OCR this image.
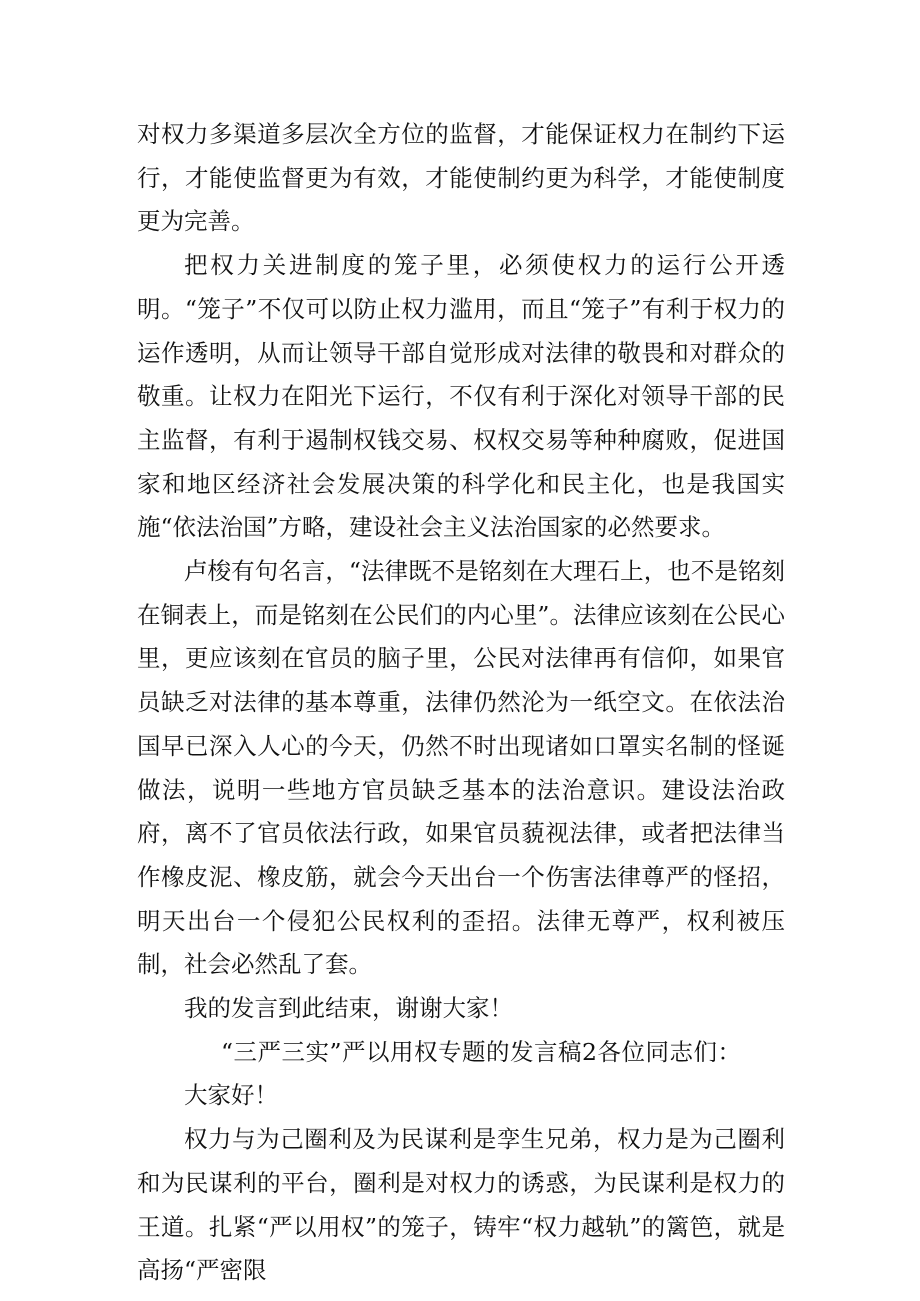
对权力多渠道多层次全方位的监督，才能保证权力在制约下运行，才能使监督更为有效，才能使制约更为科学，才能使制度更为完善。

把权力关进制度的笼子里，必须使权力的运行公开透明。“笼子”不仅可以防止权力滥用，而且“笼子”有利于权力的运作透明，从而让领导干部自觉形成对法律的敬畏和对群众的敬重。让权力在阳光下运行，不仅有利于深化对领导干部的民主监督，有利于遏制权钱交易、权权交易等种种腐败，促进国家和地区经济社会发展决策的科学化和民主化，也是我国实施“依法治国”方略，建设社会主义法治国家的必然要求。

卢梭有句名言，“法律既不是铭刻在大理石上，也不是铭刻在铜表上，而是铭刻在公民们的内心里”。法律应该刻在公民心里，更应该刻在官员的脑子里，公民对法律再有信仰，如果官员缺乏对法律的基本尊重，法律仍然沦为一纸空文。在依法治国早已深入人心的今天，仍然不时出现诸如口罩实名制的怪诞做法，说明一些地方官员缺乏基本的法治意识。建设法治政府，离不了官员依法行政，如果官员藐视法律，或者把法律当作橡皮泥、橡皮筋，就会今天出台一个伤害法律尊严的怪招，明天出台一个侵犯公民权利的歪招。法律无尊严，权利被压制，社会必然乱了套。

我的发言到此结束，谢谢大家！

“三严三实”严以用权专题的发言稿2各位同志们：

大家好！

权力与为己圈利及为民谋利是孪生兄弟，权力是为己圈利和为民谋利的平台，圈利是对权力的诱惑，为民谋利是权力的王道。扎紧“严以用权”的笼子，铸牢“权力越轨”的篱笆，就是高扬“严密限
